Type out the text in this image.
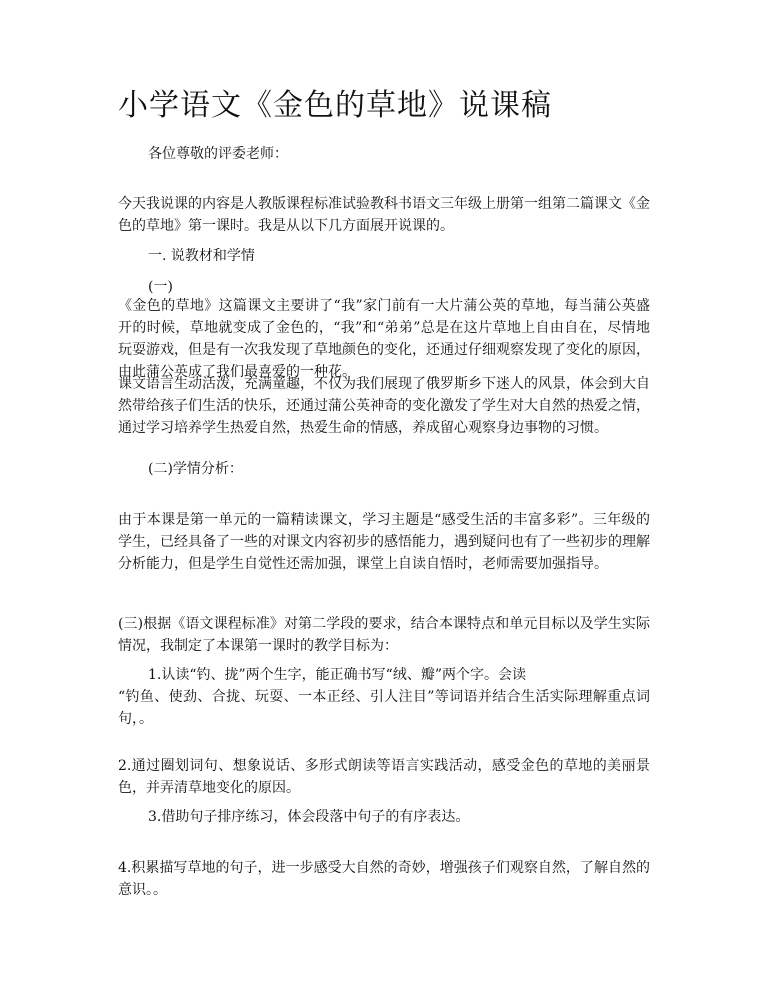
小学语文《金色的草地》说课稿

各位尊敬的评委老师：

今天我说课的内容是人教版课程标准试验教科书语文三年级上册第一组第二篇课文《金色的草地》第一课时。我是从以下几方面展开说课的。

一. 说教材和学情

(一)

《金色的草地》这篇课文主要讲了“我”家门前有一大片蒲公英的草地，每当蒲公英盛开的时候，草地就变成了金色的，“我”和“弟弟”总是在这片草地上自由自在，尽情地玩耍游戏，但是有一次我发现了草地颜色的变化，还通过仔细观察发现了变化的原因，由此蒲公英成了我们最喜爱的一种花。

课文语言生动活泼，充满童趣，不仅为我们展现了俄罗斯乡下迷人的风景，体会到大自然带给孩子们生活的快乐，还通过蒲公英神奇的变化激发了学生对大自然的热爱之情，通过学习培养学生热爱自然，热爱生命的情感，养成留心观察身边事物的习惯。

(二)学情分析：

由于本课是第一单元的一篇精读课文，学习主题是“感受生活的丰富多彩”。三年级的学生，已经具备了一些的对课文内容初步的感悟能力，遇到疑问也有了一些初步的理解分析能力，但是学生自觉性还需加强，课堂上自读自悟时，老师需要加强指导。

(三)根据《语文课程标准》对第二学段的要求，结合本课特点和单元目标以及学生实际情况，我制定了本课第一课时的教学目标为：

1.认读“钓、拢”两个生字，能正确书写“绒、瓣”两个字。会读

“钓鱼、使劲、合拢、玩耍、一本正经、引人注目”等词语并结合生活实际理解重点词句，。

2.通过圈划词句、想象说话、多形式朗读等语言实践活动，感受金色的草地的美丽景色，并弄清草地变化的原因。

3.借助句子排序练习，体会段落中句子的有序表达。

4.积累描写草地的句子，进一步感受大自然的奇妙，增强孩子们观察自然，了解自然的意识。。
